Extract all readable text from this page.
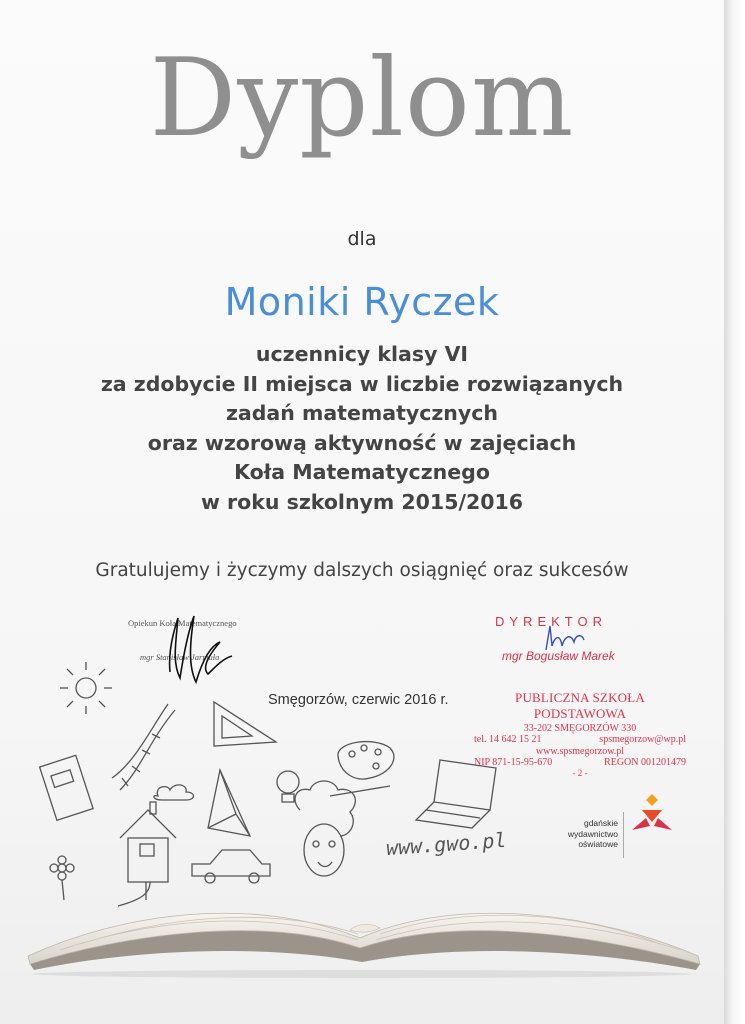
Dyplom
dla
Moniki Ryczek
uczennicy klasy VI
za zdobycie II miejsca w liczbie rozwiązanych
zadań matematycznych
oraz wzorową aktywność w zajęciach
Koła Matematycznego
w roku szkolnym 2015/2016
Gratulujemy i życzymy dalszych osiągnięć oraz sukcesów
Opiekun Koła Matematycznego
mgr Stanisław Jarmuła
DYREKTOR
mgr Bogusław Marek
Smęgorzów, czerwic 2016 r.	PUBLICZNA SZKOŁA PODSTAWOWA
33-202 SMĘGORZÓW 330
tel. 14 642 15 21	spsmegorzow@wp.pl
www.spsmegorzow.pl
NIP 871-15-95-670	REGON 001201479
- 2 -
www.gwo.pl
gdańskie
wydawnictwo
oświatowe
